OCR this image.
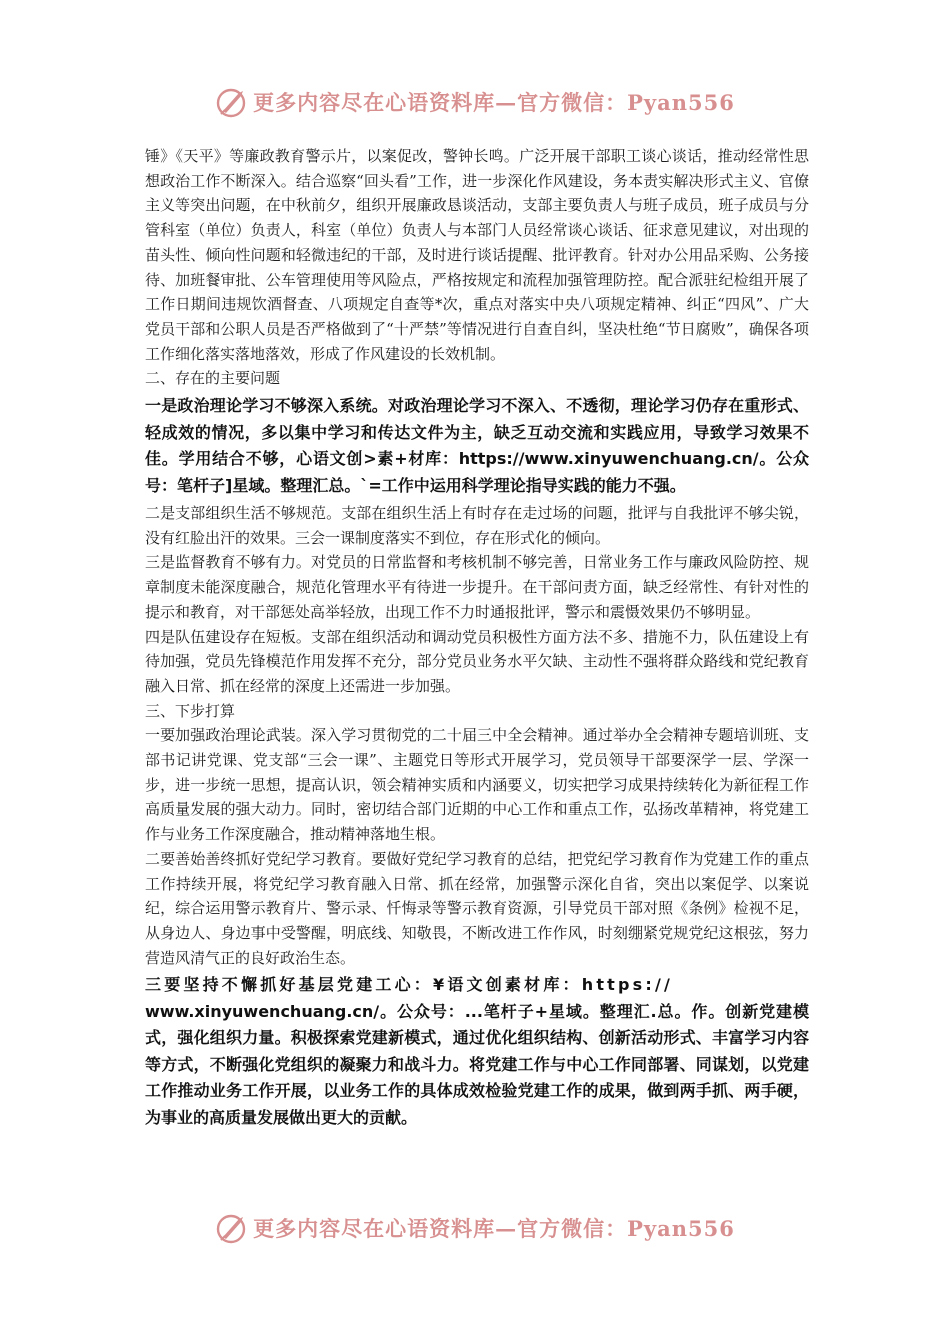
更多内容尽在心语资料库—官方微信：Pyan556

锤》《天平》等廉政教育警示片，以案促改，警钟长鸣。广泛开展干部职工谈心谈话，推动经常性思想政治工作不断深入。结合巡察“回头看”工作，进一步深化作风建设，务本责实解决形式主义、官僚主义等突出问题，在中秋前夕，组织开展廉政恳谈活动，支部主要负责人与班子成员，班子成员与分管科室（单位）负责人，科室（单位）负责人与本部门人员经常谈心谈话、征求意见建议，对出现的苗头性、倾向性问题和轻微违纪的干部，及时进行谈话提醒、批评教育。针对办公用品采购、公务接待、加班餐审批、公车管理使用等风险点，严格按规定和流程加强管理防控。配合派驻纪检组开展了工作日期间违规饮酒督查、八项规定自查等*次，重点对落实中央八项规定精神、纠正“四风”、广大党员干部和公职人员是否严格做到了“十严禁”等情况进行自查自纠，坚决杜绝“节日腐败”，确保各项工作细化落实落地落效，形成了作风建设的长效机制。

二、存在的主要问题

一是政治理论学习不够深入系统。对政治理论学习不深入、不透彻，理论学习仍存在重形式、轻成效的情况，多以集中学习和传达文件为主，缺乏互动交流和实践应用，导致学习效果不佳。学用结合不够，心语文创>素+材库：https://www.xinyuwenchuang.cn/。公众号：笔杆子]星域。整理汇总。`=工作中运用科学理论指导实践的能力不强。

二是支部组织生活不够规范。支部在组织生活上有时存在走过场的问题，批评与自我批评不够尖锐，没有红脸出汗的效果。三会一课制度落实不到位，存在形式化的倾向。

三是监督教育不够有力。对党员的日常监督和考核机制不够完善，日常业务工作与廉政风险防控、规章制度未能深度融合，规范化管理水平有待进一步提升。在干部问责方面，缺乏经常性、有针对性的提示和教育，对干部惩处高举轻放，出现工作不力时通报批评，警示和震慑效果仍不够明显。

四是队伍建设存在短板。支部在组织活动和调动党员积极性方面方法不多、措施不力，队伍建设上有待加强，党员先锋模范作用发挥不充分，部分党员业务水平欠缺、主动性不强将群众路线和党纪教育融入日常、抓在经常的深度上还需进一步加强。

三、下步打算

一要加强政治理论武装。深入学习贯彻党的二十届三中全会精神。通过举办全会精神专题培训班、支部书记讲党课、党支部“三会一课”、主题党日等形式开展学习，党员领导干部要深学一层、学深一步，进一步统一思想，提高认识，领会精神实质和内涵要义，切实把学习成果持续转化为新征程工作高质量发展的强大动力。同时，密切结合部门近期的中心工作和重点工作，弘扬改革精神，将党建工作与业务工作深度融合，推动精神落地生根。

二要善始善终抓好党纪学习教育。要做好党纪学习教育的总结，把党纪学习教育作为党建工作的重点工作持续开展，将党纪学习教育融入日常、抓在经常，加强警示深化自省，突出以案促学、以案说纪，综合运用警示教育片、警示录、忏悔录等警示教育资源，引导党员干部对照《条例》检视不足，从身边人、身边事中受警醒，明底线、知敬畏，不断改进工作作风，时刻绷紧党规党纪这根弦，努力营造风清气正的良好政治生态。

三要坚持不懈抓好基层党建工心：¥语文创素材库：https://

www.xinyuwenchuang.cn/。公众号：...笔杆子+星域。整理汇.总。作。创新党建模式，强化组织力量。积极探索党建新模式，通过优化组织结构、创新活动形式、丰富学习内容等方式，不断强化党组织的凝聚力和战斗力。将党建工作与中心工作同部署、同谋划，以党建工作推动业务工作开展，以业务工作的具体成效检验党建工作的成果，做到两手抓、两手硬，为事业的高质量发展做出更大的贡献。

更多内容尽在心语资料库—官方微信：Pyan556
